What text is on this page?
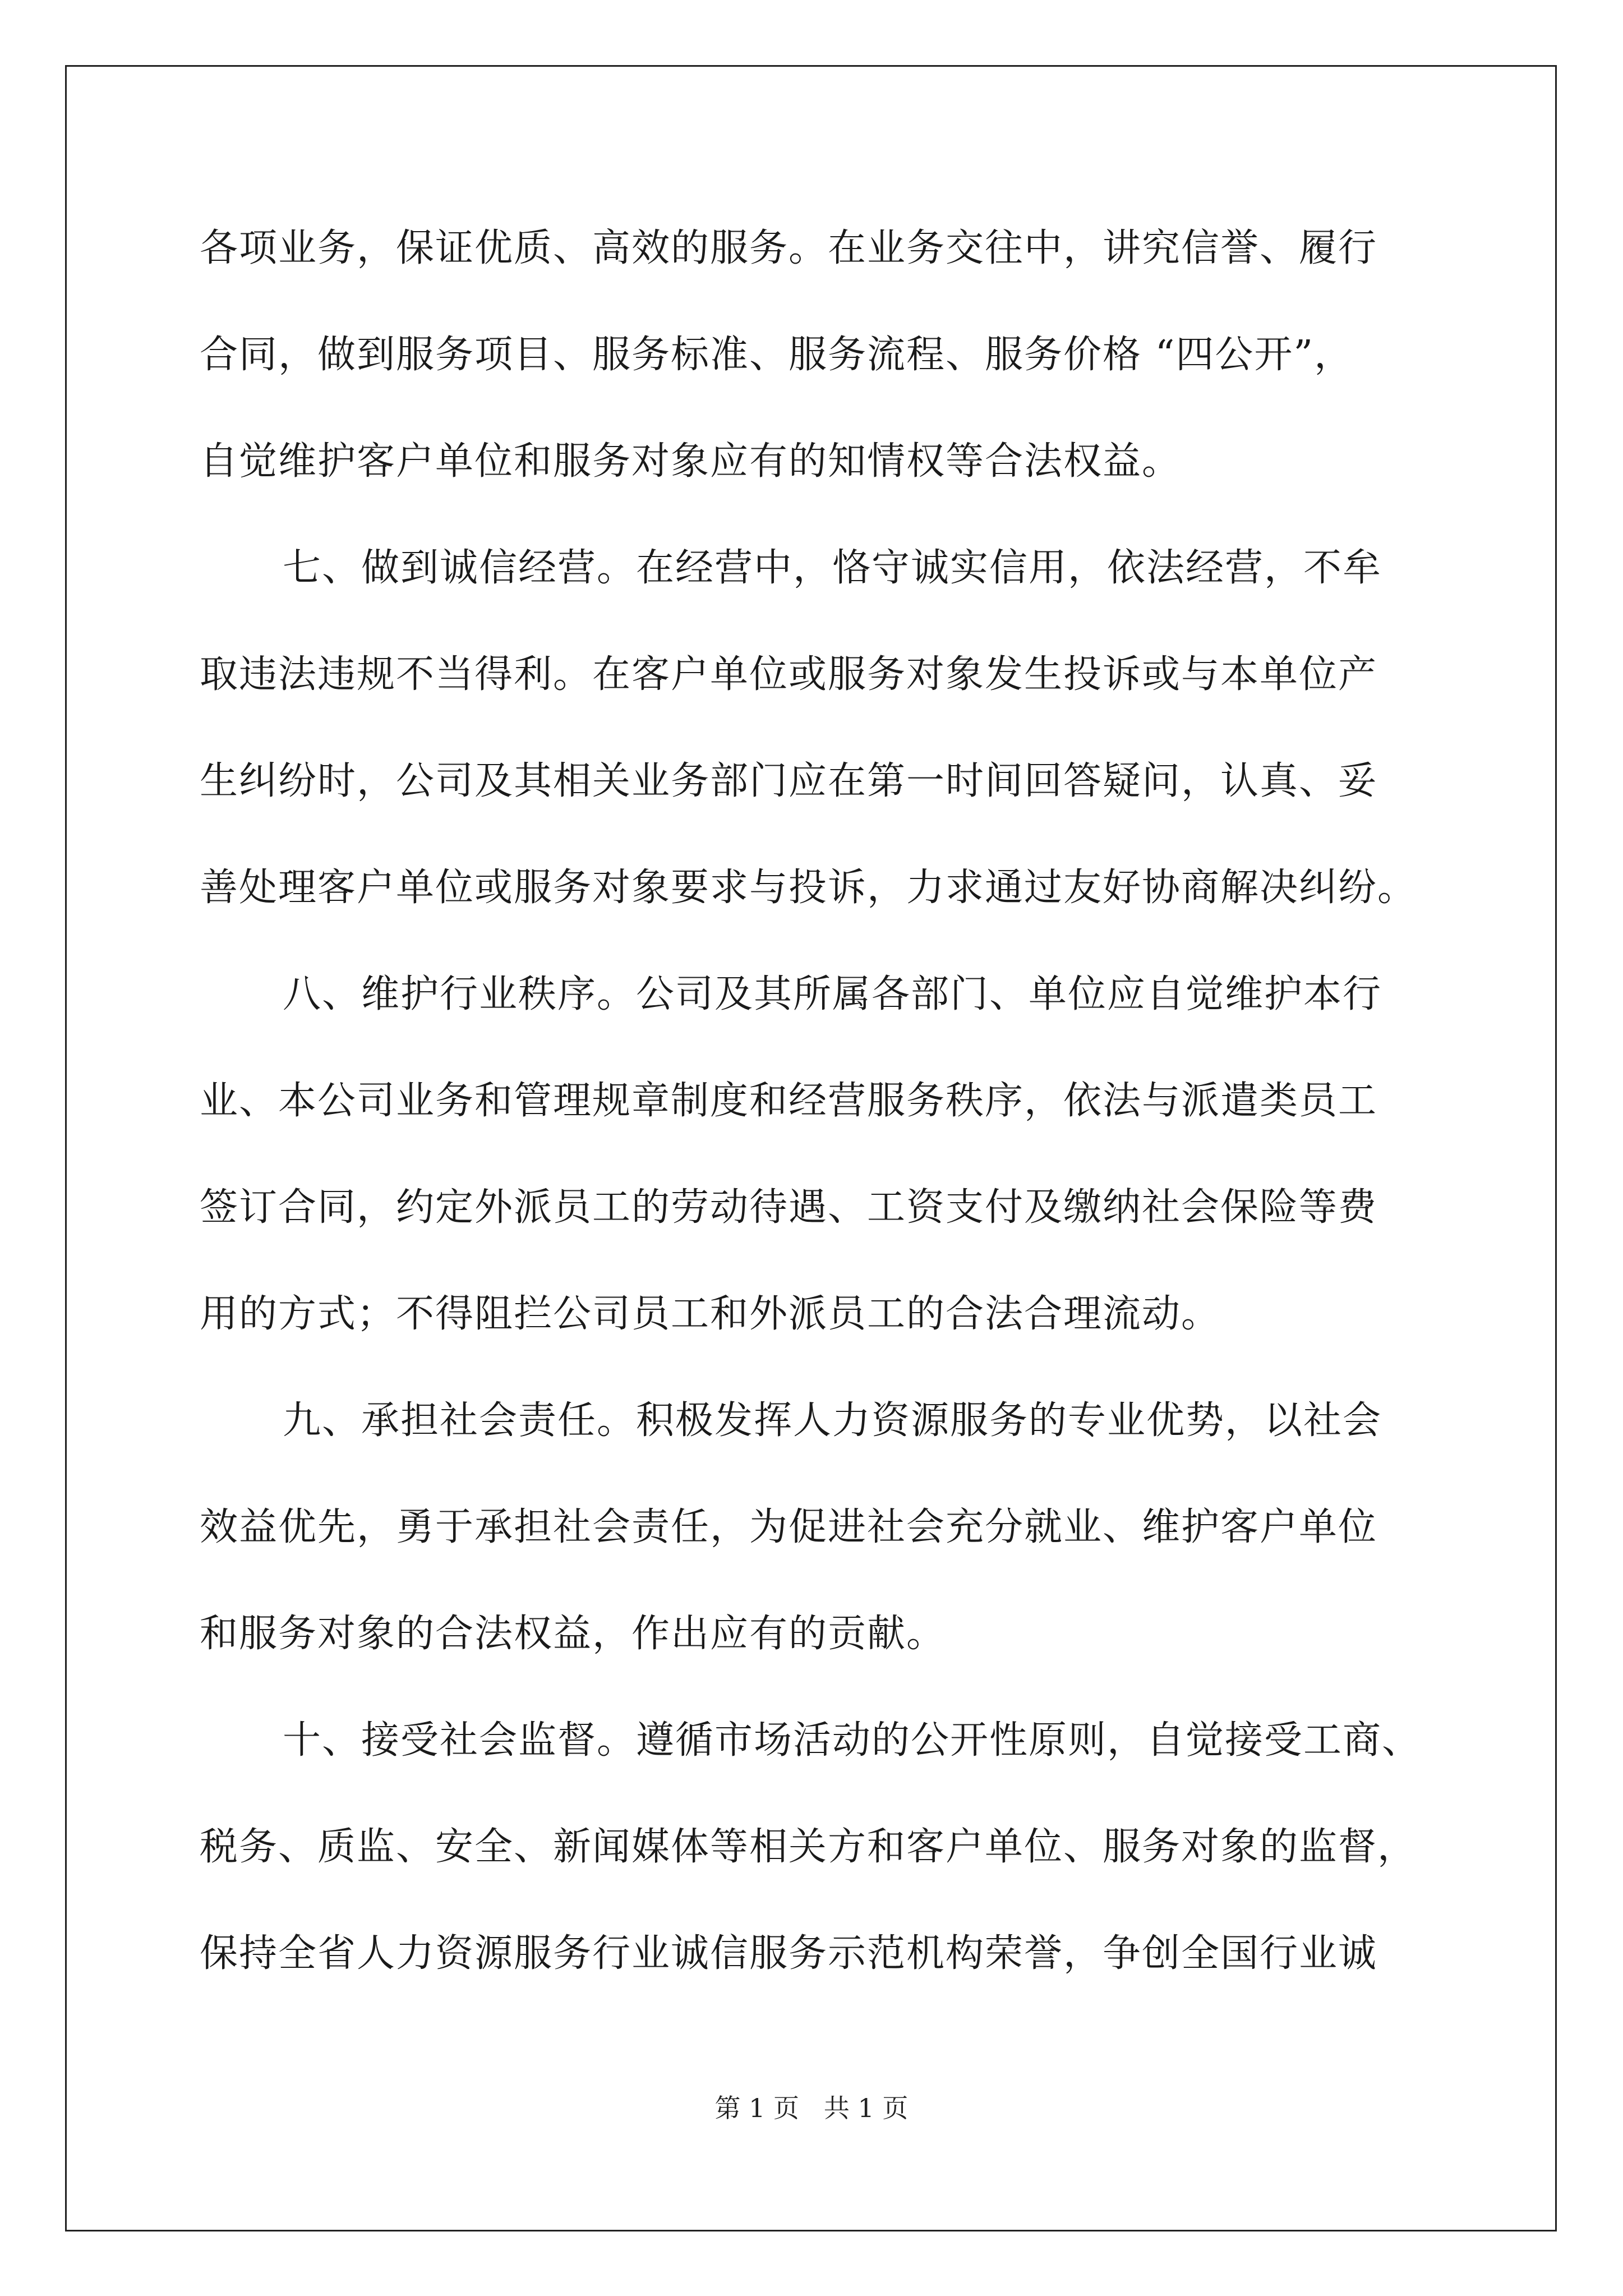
各项业务，保证优质、高效的服务。在业务交往中，讲究信誉、履行
合同，做到服务项目、服务标准、服务流程、服务价格 “四公开”，
自觉维护客户单位和服务对象应有的知情权等合法权益。
七、做到诚信经营。在经营中，恪守诚实信用，依法经营，不牟
取违法违规不当得利。在客户单位或服务对象发生投诉或与本单位产
生纠纷时，公司及其相关业务部门应在第一时间回答疑问，认真、妥
善处理客户单位或服务对象要求与投诉，力求通过友好协商解决纠纷。
八、维护行业秩序。公司及其所属各部门、单位应自觉维护本行
业、本公司业务和管理规章制度和经营服务秩序，依法与派遣类员工
签订合同，约定外派员工的劳动待遇、工资支付及缴纳社会保险等费
用的方式；不得阻拦公司员工和外派员工的合法合理流动。
九、承担社会责任。积极发挥人力资源服务的专业优势，以社会
效益优先，勇于承担社会责任，为促进社会充分就业、维护客户单位
和服务对象的合法权益，作出应有的贡献。
十、接受社会监督。遵循市场活动的公开性原则，自觉接受工商、
税务、质监、安全、新闻媒体等相关方和客户单位、服务对象的监督，
保持全省人力资源服务行业诚信服务示范机构荣誉，争创全国行业诚
第 1 页   共 1 页
